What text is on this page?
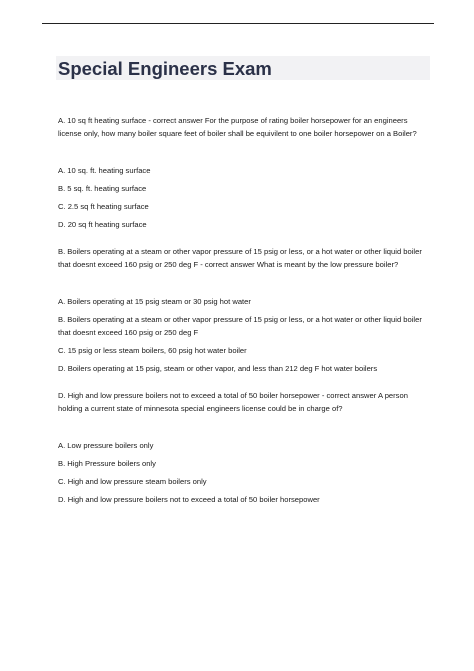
Special Engineers Exam

A. 10 sq ft heating surface - correct answer For the purpose of rating boiler horsepower for an engineers license only, how many boiler square feet of boiler shall be equivilent to one boiler horsepower on a Boiler?

A. 10 sq. ft. heating surface

B. 5 sq. ft. heating surface

C. 2.5 sq ft heating surface

D. 20 sq ft heating surface

B. Boilers operating at a steam or other vapor pressure of 15 psig or less, or a hot water or other liquid boiler that doesnt exceed 160 psig or 250 deg F - correct answer What is meant by the low pressure boiler?

A. Boilers operating at 15 psig steam or 30 psig hot water

B. Boilers operating at a steam or other vapor pressure of 15 psig or less, or a hot water or other liquid boiler that doesnt exceed 160 psig or 250 deg F

C. 15 psig or less steam boilers, 60 psig hot water boiler

D. Boilers operating at 15 psig, steam or other vapor, and less than 212 deg F hot water boilers

D. High and low pressure boilers not to exceed a total of 50 boiler horsepower - correct answer A person holding a current state of minnesota special engineers license could be in charge of?

A. Low pressure boilers only

B. High Pressure boilers only

C. High and low pressure steam boilers only

D. High and low pressure boilers not to exceed a total of 50 boiler horsepower
